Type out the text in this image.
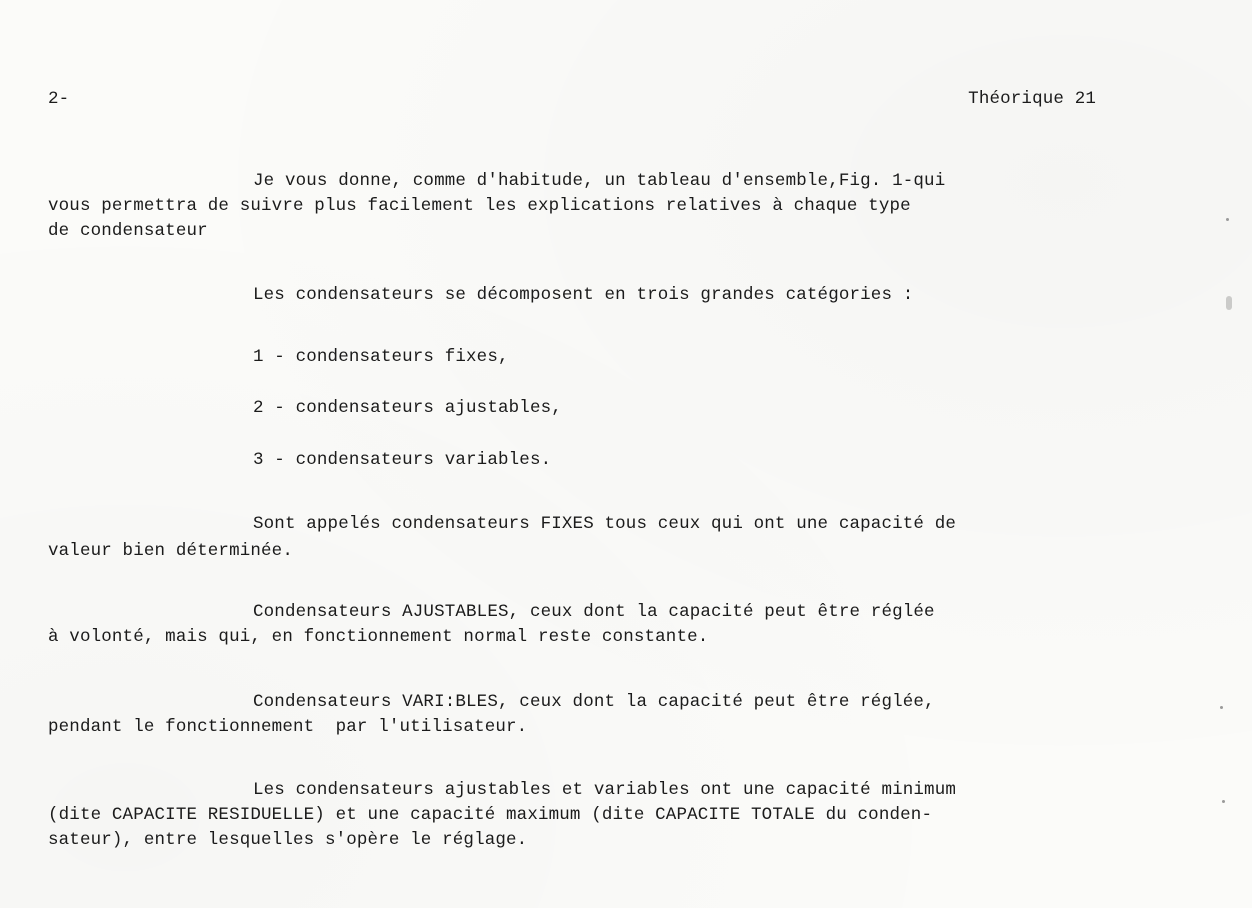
2-	Théorique 21
Je vous donne, comme d'habitude, un tableau d'ensemble,Fig. 1-qui
vous permettra de suivre plus facilement les explications relatives à chaque type
de condensateur
Les condensateurs se décomposent en trois grandes catégories :
1 - condensateurs fixes,
2 - condensateurs ajustables,
3 - condensateurs variables.
Sont appelés condensateurs FIXES tous ceux qui ont une capacité de
valeur bien déterminée.
Condensateurs AJUSTABLES, ceux dont la capacité peut être réglée
à volonté, mais qui, en fonctionnement normal reste constante.
Condensateurs VARI:BLES, ceux dont la capacité peut être réglée,
pendant le fonctionnement  par l'utilisateur.
Les condensateurs ajustables et variables ont une capacité minimum
(dite CAPACITE RESIDUELLE) et une capacité maximum (dite CAPACITE TOTALE du conden-
sateur), entre lesquelles s'opère le réglage.
